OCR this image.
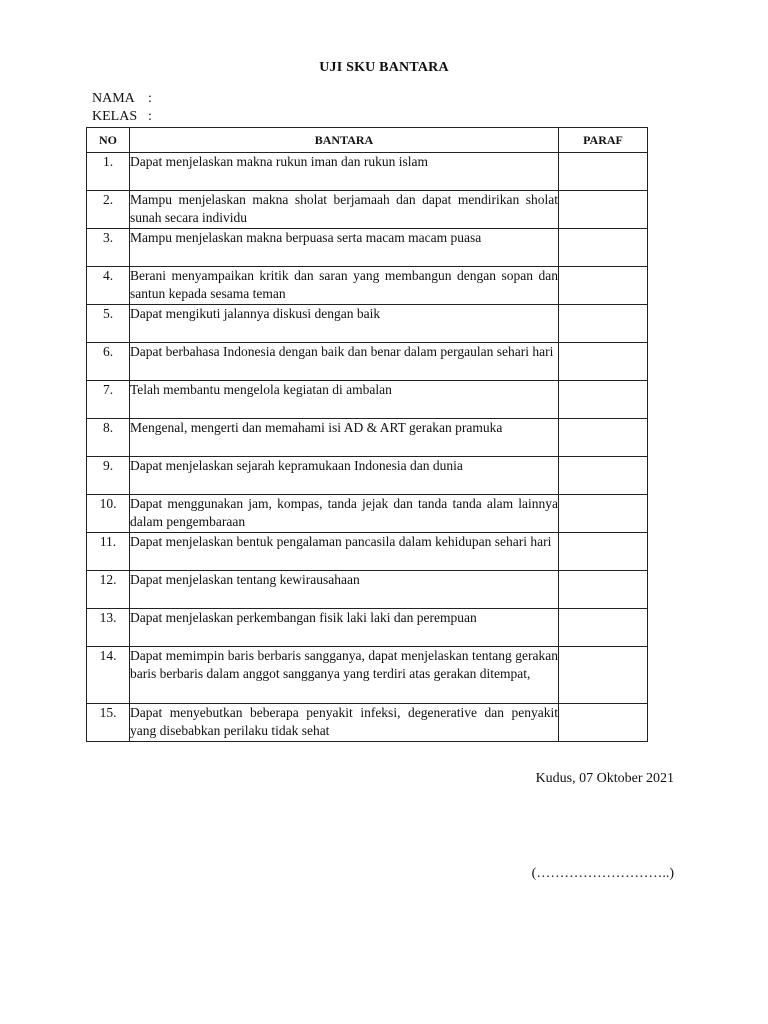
UJI SKU BANTARA
NAMA :
KELAS :
NO	BANTARA	PARAF
1.	Dapat menjelaskan makna rukun iman dan rukun islam	
2.	Mampu menjelaskan makna sholat berjamaah dan dapat mendirikan sholat sunah secara individu	
3.	Mampu menjelaskan makna berpuasa serta macam macam puasa	
4.	Berani menyampaikan kritik dan saran yang membangun dengan sopan dan santun kepada sesama teman	
5.	Dapat mengikuti jalannya diskusi dengan baik	
6.	Dapat berbahasa Indonesia dengan baik dan benar dalam pergaulan sehari hari	
7.	Telah membantu mengelola kegiatan di ambalan	
8.	Mengenal, mengerti dan memahami isi AD & ART gerakan pramuka	
9.	Dapat menjelaskan sejarah kepramukaan Indonesia dan dunia	
10.	Dapat menggunakan jam, kompas, tanda jejak dan tanda tanda alam lainnya dalam pengembaraan	
11.	Dapat menjelaskan bentuk pengalaman pancasila dalam kehidupan sehari hari	
12.	Dapat menjelaskan tentang kewirausahaan	
13.	Dapat menjelaskan perkembangan fisik laki laki dan perempuan	
14.	Dapat memimpin baris berbaris sangganya, dapat menjelaskan tentang gerakan baris berbaris dalam anggot sangganya yang terdiri atas gerakan ditempat,	
15.	Dapat menyebutkan beberapa penyakit infeksi, degenerative dan penyakit yang disebabkan perilaku tidak sehat	
Kudus, 07 Oktober 2021
(………………………..)
